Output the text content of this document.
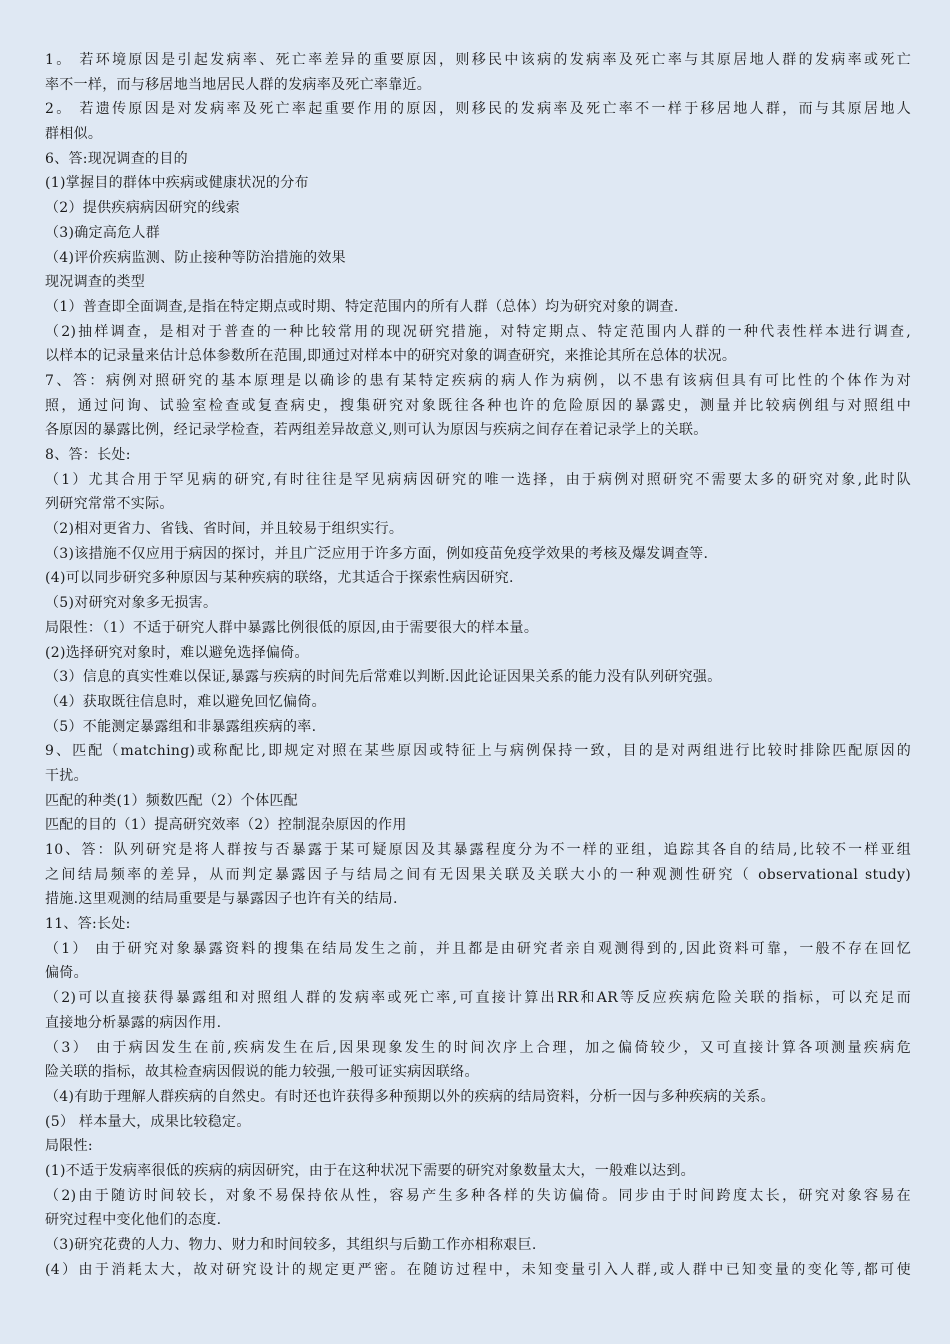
1。 若环境原因是引起发病率、死亡率差异的重要原因，则移民中该病的发病率及死亡率与其原居地人群的发病率或死亡
率不一样，而与移居地当地居民人群的发病率及死亡率靠近。
2。 若遗传原因是对发病率及死亡率起重要作用的原因，则移民的发病率及死亡率不一样于移居地人群，而与其原居地人
群相似。
6、答:现况调查的目的
(1)掌握目的群体中疾病或健康状况的分布
（2）提供疾病病因研究的线索
（3)确定高危人群
（4)评价疾病监测、防止接种等防治措施的效果
现况调查的类型
（1）普查即全面调查,是指在特定期点或时期、特定范围内的所有人群（总体）均为研究对象的调查.
（2)抽样调查，是相对于普查的一种比较常用的现况研究措施，对特定期点、特定范围内人群的一种代表性样本进行调查,
以样本的记录量来估计总体参数所在范围,即通过对样本中的研究对象的调查研究，来推论其所在总体的状况。
7、答：病例对照研究的基本原理是以确诊的患有某特定疾病的病人作为病例，以不患有该病但具有可比性的个体作为对
照，通过问询、试验室检查或复查病史，搜集研究对象既往各种也许的危险原因的暴露史，测量并比较病例组与对照组中
各原因的暴露比例，经记录学检查，若两组差异故意义,则可认为原因与疾病之间存在着记录学上的关联。
8、答：长处:
（1）尤其合用于罕见病的研究,有时往往是罕见病病因研究的唯一选择，由于病例对照研究不需要太多的研究对象,此时队
列研究常常不实际。
（2)相对更省力、省钱、省时间，并且较易于组织实行。
（3)该措施不仅应用于病因的探讨，并且广泛应用于许多方面，例如疫苗免疫学效果的考核及爆发调查等.
(4)可以同步研究多种原因与某种疾病的联络，尤其适合于探索性病因研究.
（5)对研究对象多无损害。
局限性：（1）不适于研究人群中暴露比例很低的原因,由于需要很大的样本量。
(2)选择研究对象时，难以避免选择偏倚。
（3）信息的真实性难以保证,暴露与疾病的时间先后常难以判断.因此论证因果关系的能力没有队列研究强。
（4）获取既往信息时，难以避免回忆偏倚。
（5）不能测定暴露组和非暴露组疾病的率.
9、匹配（matching)或称配比,即规定对照在某些原因或特征上与病例保持一致，目的是对两组进行比较时排除匹配原因的
干扰。
匹配的种类(1）频数匹配（2）个体匹配
匹配的目的（1）提高研究效率（2）控制混杂原因的作用
10、答：队列研究是将人群按与否暴露于某可疑原因及其暴露程度分为不一样的亚组，追踪其各自的结局,比较不一样亚组
之间结局频率的差异，从而判定暴露因子与结局之间有无因果关联及关联大小的一种观测性研究（ observational study)
措施.这里观测的结局重要是与暴露因子也许有关的结局.
11、答:长处:
（1） 由于研究对象暴露资料的搜集在结局发生之前，并且都是由研究者亲自观测得到的,因此资料可靠，一般不存在回忆
偏倚。
（2)可以直接获得暴露组和对照组人群的发病率或死亡率,可直接计算出RR和AR等反应疾病危险关联的指标，可以充足而
直接地分析暴露的病因作用.
（3） 由于病因发生在前,疾病发生在后,因果现象发生的时间次序上合理，加之偏倚较少，又可直接计算各项测量疾病危
险关联的指标，故其检查病因假说的能力较强,一般可证实病因联络。
（4)有助于理解人群疾病的自然史。有时还也许获得多种预期以外的疾病的结局资料，分析一因与多种疾病的关系。
(5） 样本量大，成果比较稳定。
局限性:
(1)不适于发病率很低的疾病的病因研究，由于在这种状况下需要的研究对象数量太大，一般难以达到。
（2)由于随访时间较长，对象不易保持依从性，容易产生多种各样的失访偏倚。同步由于时间跨度太长，研究对象容易在
研究过程中变化他们的态度.
（3)研究花费的人力、物力、财力和时间较多，其组织与后勤工作亦相称艰巨.
(4）由于消耗太大，故对研究设计的规定更严密。在随访过程中，未知变量引入人群,或人群中已知变量的变化等,都可使
